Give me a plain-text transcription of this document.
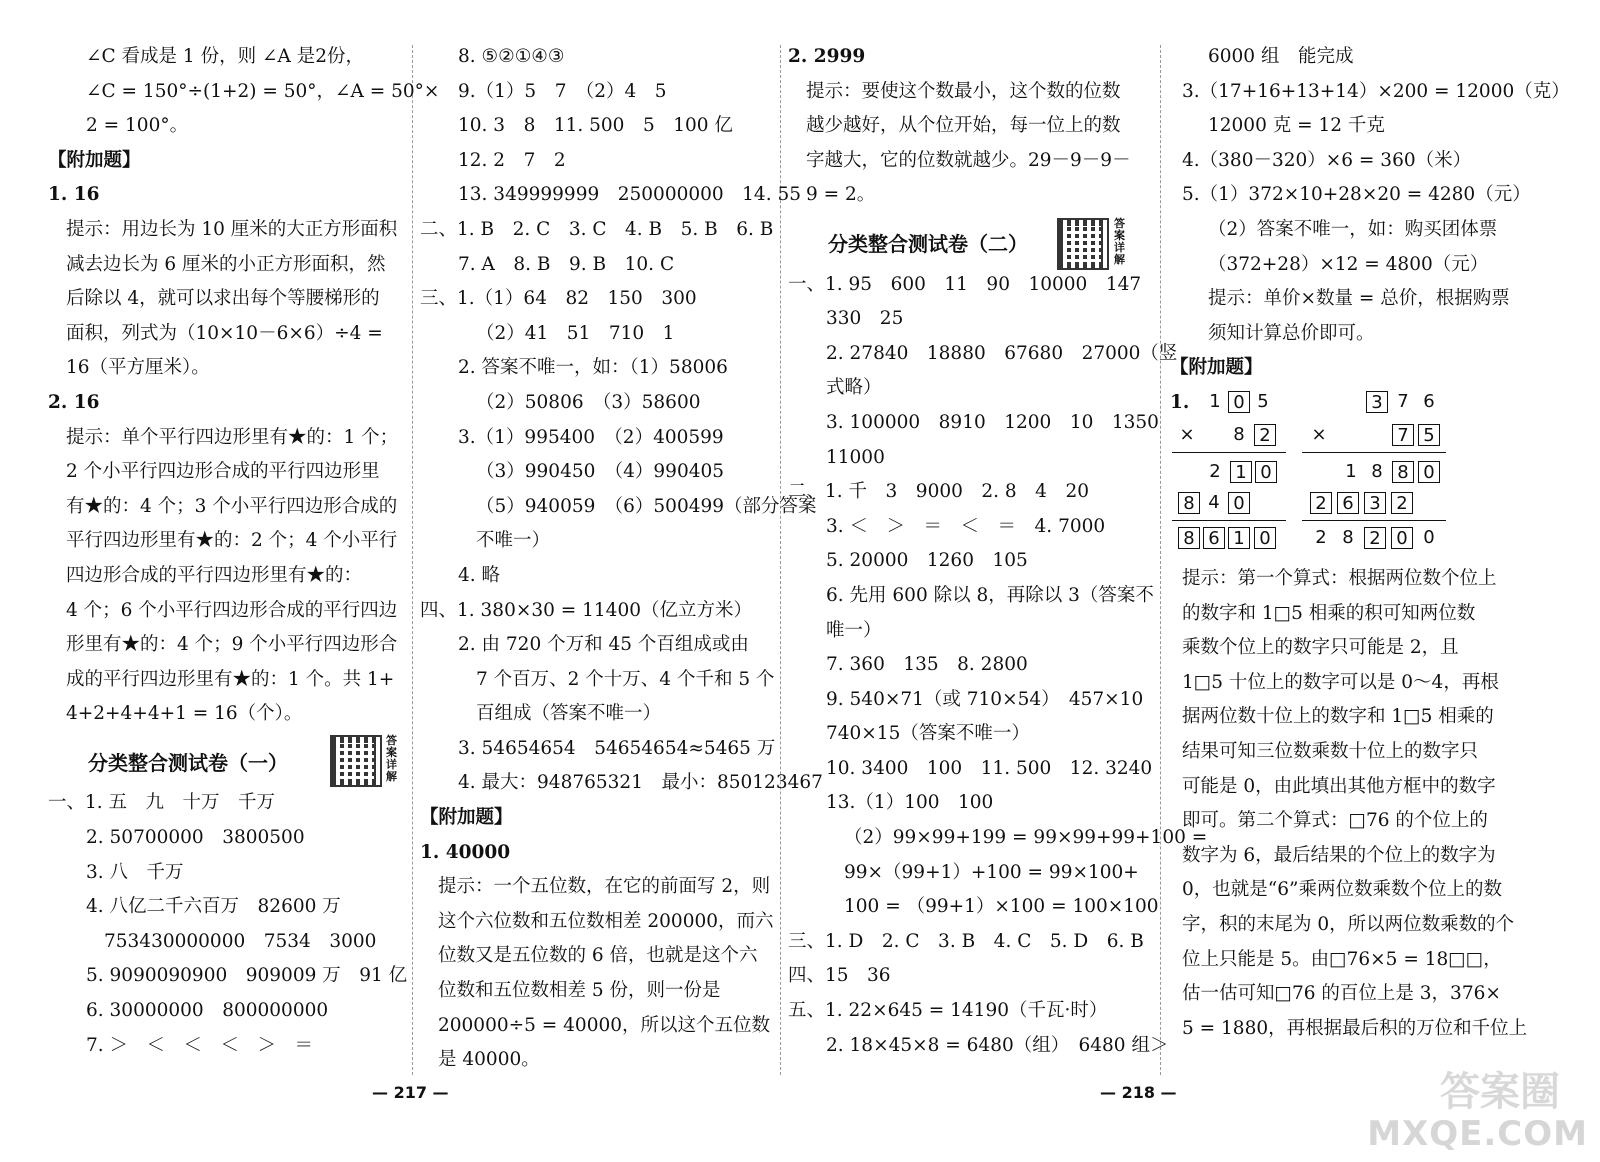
∠C 看成是 1 份，则 ∠A 是2份，
∠C = 150°÷(1+2) = 50°，∠A = 50°×
2 = 100°。
【附加题】
1. 16
提示：用边长为 10 厘米的大正方形面积
减去边长为 6 厘米的小正方形面积，然
后除以 4，就可以求出每个等腰梯形的
面积，列式为（10×10－6×6）÷4 =
16（平方厘米）。
2. 16
提示：单个平行四边形里有★的：1 个；
2 个小平行四边形合成的平行四边形里
有★的：4 个；3 个小平行四边形合成的
平行四边形里有★的：2 个；4 个小平行
四边形合成的平行四边形里有★的：
4 个；6 个小平行四边形合成的平行四边
形里有★的：4 个；9 个小平行四边形合
成的平行四边形里有★的：1 个。共 1+
4+2+4+4+1 = 16（个）。
分类整合测试卷（一）
一、1. 五　九　十万　千万
2. 50700000　3800500
3. 八　千万
4. 八亿二千六百万　82600 万
753430000000　7534　3000
5. 9090090900　909009 万　91 亿
6. 30000000　800000000
7. ＞　＜　＜　＜　＞　＝
答案详解
8. ⑤②①④③
9.（1）5　7　（2）4　5
10. 3　8　11. 500　5　100 亿
12. 2　7　2
13. 349999999　250000000　14. 55
二、1. B　2. C　3. C　4. B　5. B　6. B
7. A　8. B　9. B　10. C
三、1.（1）64　82　150　300
（2）41　51　710　1
2. 答案不唯一，如：（1）58006
（2）50806　（3）58600
3.（1）995400　（2）400599
（3）990450　（4）990405
（5）940059　（6）500499（部分答案
不唯一）
4. 略
四、1. 380×30 = 11400（亿立方米）
2. 由 720 个万和 45 个百组成或由
7 个百万、2 个十万、4 个千和 5 个
百组成（答案不唯一）
3. 54654654　54654654≈5465 万
4. 最大：948765321　最小：850123467
【附加题】
1. 40000
提示：一个五位数，在它的前面写 2，则
这个六位数和五位数相差 200000，而六
位数又是五位数的 6 倍，也就是这个六
位数和五位数相差 5 份，则一份是
200000÷5 = 40000，所以这个五位数
是 40000。
2. 2999
提示：要使这个数最小，这个数的位数
越少越好，从个位开始，每一位上的数
字越大，它的位数就越少。29－9－9－
9 = 2。
分类整合测试卷（二）
一、1. 95　600　11　90　10000　147
330　25
2. 27840　18880　67680　27000（竖
式略）
3. 100000　8910　1200　10　1350
11000
二、1. 千　3　9000　2. 8　4　20
3. ＜　＞　＝　＜　＝　4. 7000
5. 20000　1260　105
6. 先用 600 除以 8，再除以 3（答案不
唯一）
7. 360　135　8. 2800
9. 540×71（或 710×54）　457×10
740×15（答案不唯一）
10. 3400　100　11. 500　12. 3240
13.（1）100　100
（2）99×99+199 = 99×99+99+100 =
99×（99+1）+100 = 99×100+
100 = （99+1）×100 = 100×100
三、1. D　2. C　3. B　4. C　5. D　6. B
四、15　36
五、1. 22×645 = 14190（千瓦·时）
2. 18×45×8 = 6480（组）　6480 组＞
答案详解
6000 组　能完成
3.（17+16+13+14）×200 = 12000（克）
12000 克 = 12 千克
4.（380－320）×6 = 360（米）
5.（1）372×10+28×20 = 4280（元）
（2）答案不唯一，如：购买团体票
（372+28）×12 = 4800（元）
提示：单价×数量 = 总价，根据购票
须知计算总价即可。
【附加题】
1.	1 0 5
× 8 2
2 1 0
8 4 0
8 6 1 0
3 7 6
×	7 5
1 8 8 0
2 6 3 2
2 8 2 0 0
提示：第一个算式：根据两位数个位上
的数字和 1□5 相乘的积可知两位数
乘数个位上的数字只可能是 2，且
1□5 十位上的数字可以是 0～4，再根
据两位数十位上的数字和 1□5 相乘的
结果可知三位数乘数十位上的数字只
可能是 0，由此填出其他方框中的数字
即可。第二个算式：□76 的个位上的
数字为 6，最后结果的个位上的数字为
0，也就是“6”乘两位数乘数个位上的数
字，积的末尾为 0，所以两位数乘数的个
位上只能是 5。由□76×5 = 18□□，
估一估可知□76 的百位上是 3，376×
5 = 1880，再根据最后积的万位和千位上
— 217 —	— 218 —	答案圈
MXQE.COM
